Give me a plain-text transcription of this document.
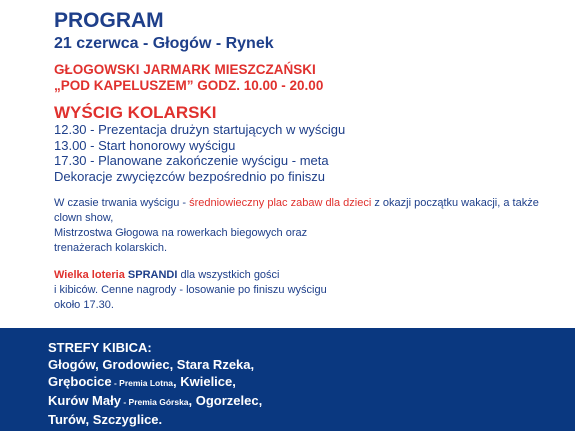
PROGRAM
21 czerwca - Głogów - Rynek
GŁOGOWSKI JARMARK MIESZCZAŃSKI
„POD KAPELUSZEM” GODZ. 10.00 - 20.00
WYŚCIG KOLARSKI
12.30 - Prezentacja drużyn startujących w wyścigu
13.00 - Start honorowy wyścigu
17.30 - Planowane zakończenie wyścigu - meta
Dekoracje zwycięzców bezpośrednio po finiszu
W czasie trwania wyścigu - średniowieczny plac zabaw dla dzieci z okazji początku wakacji, a także clown show,
Mistrzostwa Głogowa na rowerkach biegowych oraz
trenażerach kolarskich.
Wielka loteria SPRANDI dla wszystkich gości
i kibiców. Cenne nagrody - losowanie po finiszu wyścigu
około 17.30.
STREFY KIBICA:
Głogów, Grodowiec, Stara Rzeka,
Grębocice - Premia Lotna, Kwielice,
Kurów Mały - Premia Górska, Ogorzelec,
Turów, Szczyglice.
